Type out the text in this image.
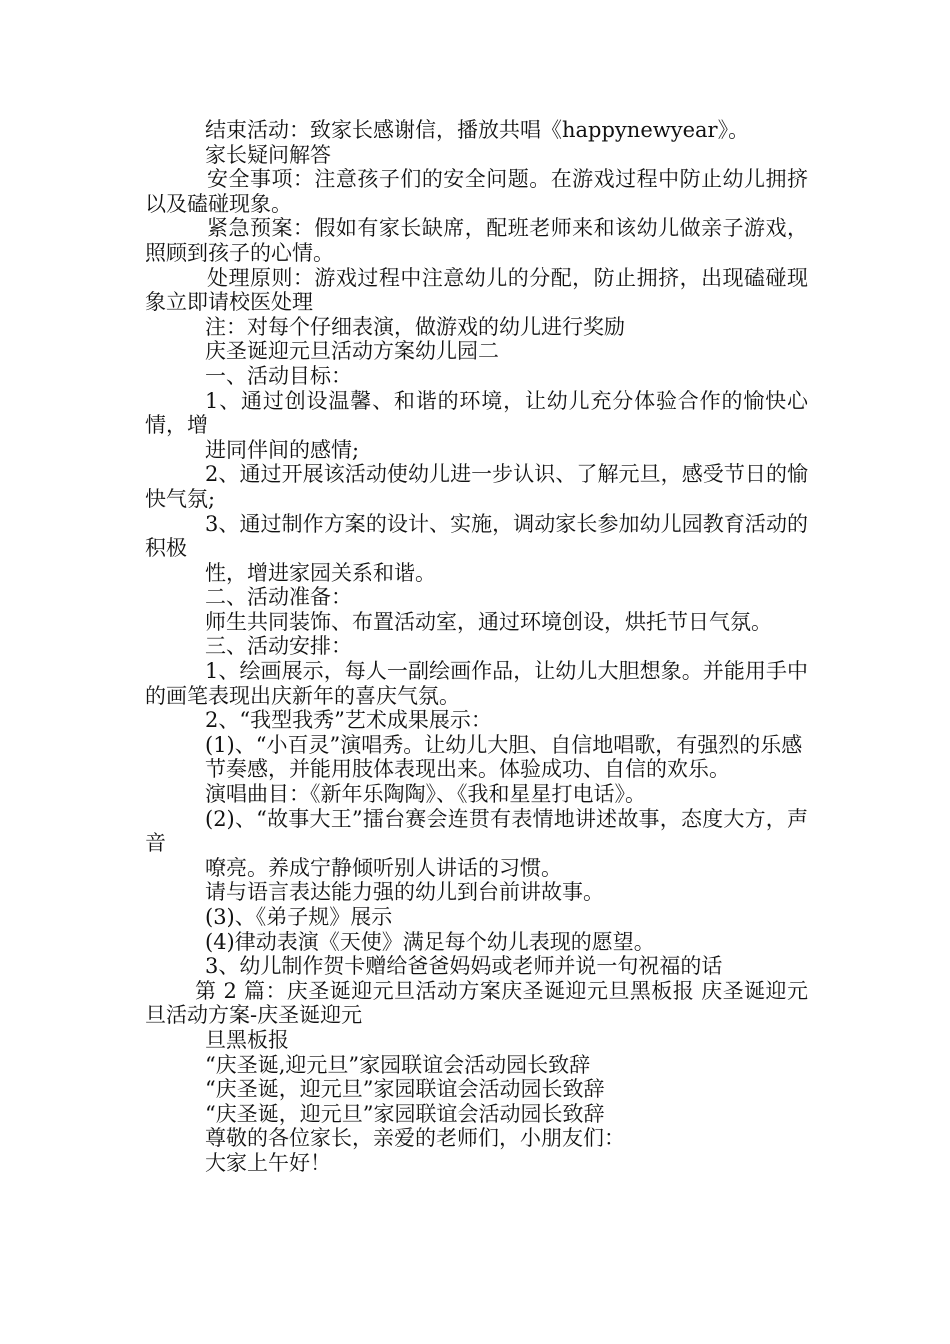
结束活动：致家长感谢信，播放共唱《happynewyear》。

家长疑问解答

安全事项：注意孩子们的安全问题。在游戏过程中防止幼儿拥挤以及磕碰现象。

紧急预案：假如有家长缺席，配班老师来和该幼儿做亲子游戏，照顾到孩子的心情。

处理原则：游戏过程中注意幼儿的分配，防止拥挤，出现磕碰现象立即请校医处理

注：对每个仔细表演，做游戏的幼儿进行奖励

庆圣诞迎元旦活动方案幼儿园二

一、活动目标：

1、通过创设温馨、和谐的环境，让幼儿充分体验合作的愉快心情，增

进同伴间的感情;

2、通过开展该活动使幼儿进一步认识、了解元旦，感受节日的愉快气氛;

3、通过制作方案的设计、实施，调动家长参加幼儿园教育活动的积极

性，增进家园关系和谐。

二、活动准备：

师生共同装饰、布置活动室，通过环境创设，烘托节日气氛。

三、活动安排：

1、绘画展示，每人一副绘画作品，让幼儿大胆想象。并能用手中的画笔表现出庆新年的喜庆气氛。

2、“我型我秀”艺术成果展示：

(1)、“小百灵”演唱秀。让幼儿大胆、自信地唱歌，有强烈的乐感

节奏感，并能用肢体表现出来。体验成功、自信的欢乐。

演唱曲目：《新年乐陶陶》、《我和星星打电话》。

(2)、“故事大王”擂台赛会连贯有表情地讲述故事，态度大方，声音

嘹亮。养成宁静倾听别人讲话的习惯。

请与语言表达能力强的幼儿到台前讲故事。

(3)、《弟子规》展示

(4)律动表演《天使》满足每个幼儿表现的愿望。

3、幼儿制作贺卡赠给爸爸妈妈或老师并说一句祝福的话

第 2 篇：庆圣诞迎元旦活动方案庆圣诞迎元旦黑板报 庆圣诞迎元旦活动方案-庆圣诞迎元

旦黑板报

“庆圣诞,迎元旦”家园联谊会活动园长致辞

“庆圣诞，迎元旦”家园联谊会活动园长致辞

“庆圣诞，迎元旦”家园联谊会活动园长致辞

尊敬的各位家长，亲爱的老师们，小朋友们：

大家上午好！
